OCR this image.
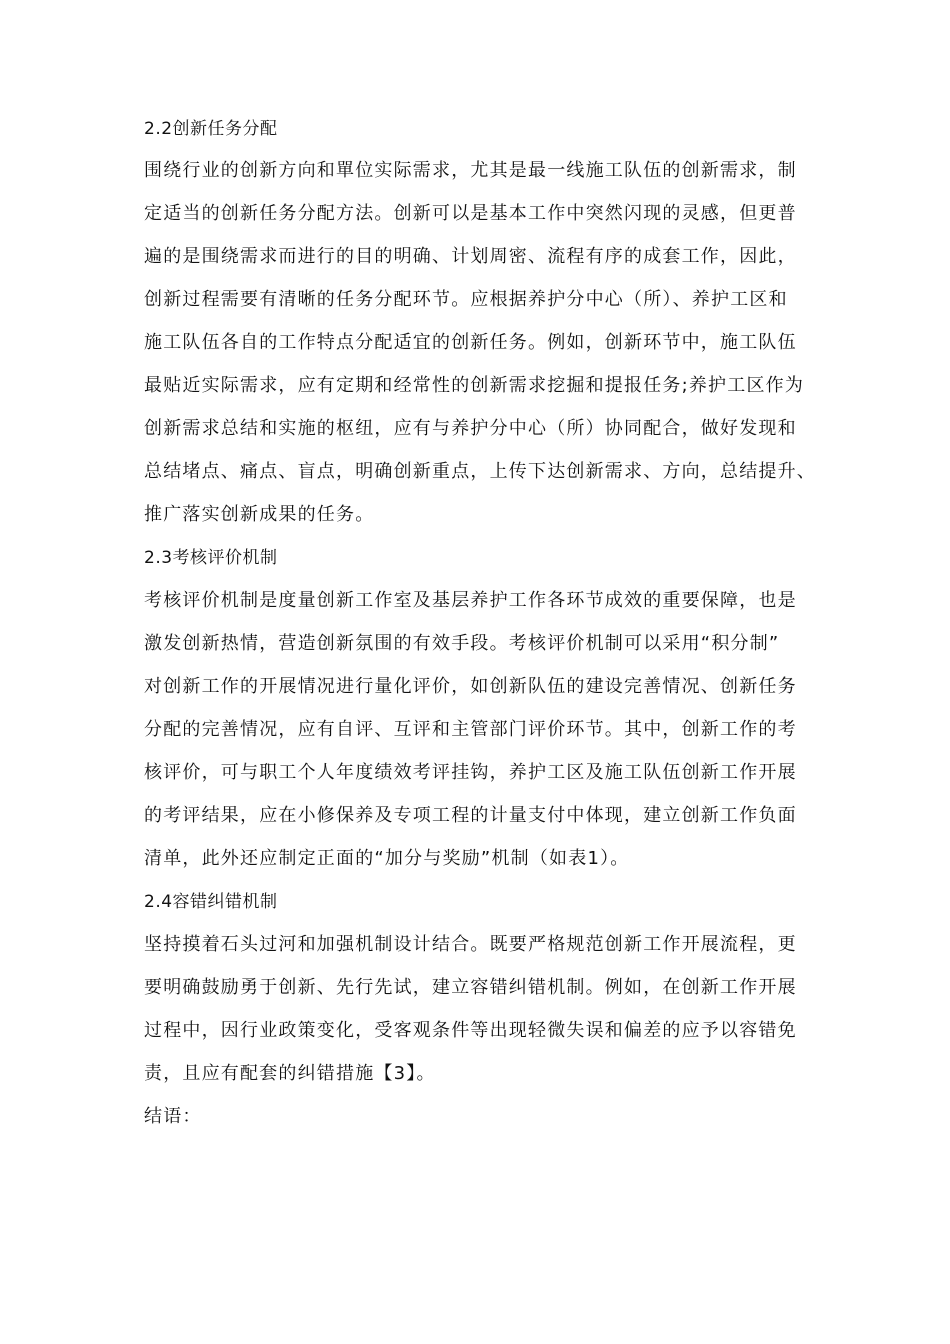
2.2创新任务分配
围绕行业的创新方向和單位实际需求，尤其是最一线施工队伍的创新需求，制
定适当的创新任务分配方法。创新可以是基本工作中突然闪现的灵感，但更普
遍的是围绕需求而进行的目的明确、计划周密、流程有序的成套工作，因此，
创新过程需要有清晰的任务分配环节。应根据养护分中心（所）、养护工区和
施工队伍各自的工作特点分配适宜的创新任务。例如，创新环节中，施工队伍
最贴近实际需求，应有定期和经常性的创新需求挖掘和提报任务;养护工区作为
创新需求总结和实施的枢纽，应有与养护分中心（所）协同配合，做好发现和
总结堵点、痛点、盲点，明确创新重点，上传下达创新需求、方向，总结提升、
推广落实创新成果的任务。
2.3考核评价机制
考核评价机制是度量创新工作室及基层养护工作各环节成效的重要保障，也是
激发创新热情，营造创新氛围的有效手段。考核评价机制可以采用“积分制”
对创新工作的开展情况进行量化评价，如创新队伍的建设完善情况、创新任务
分配的完善情况，应有自评、互评和主管部门评价环节。其中，创新工作的考
核评价，可与职工个人年度绩效考评挂钩，养护工区及施工队伍创新工作开展
的考评结果，应在小修保养及专项工程的计量支付中体现，建立创新工作负面
清单，此外还应制定正面的“加分与奖励”机制（如表1）。
2.4容错纠错机制
坚持摸着石头过河和加强机制设计结合。既要严格规范创新工作开展流程，更
要明确鼓励勇于创新、先行先试，建立容错纠错机制。例如，在创新工作开展
过程中，因行业政策变化，受客观条件等出现轻微失误和偏差的应予以容错免
责，且应有配套的纠错措施【3】。
结语：
